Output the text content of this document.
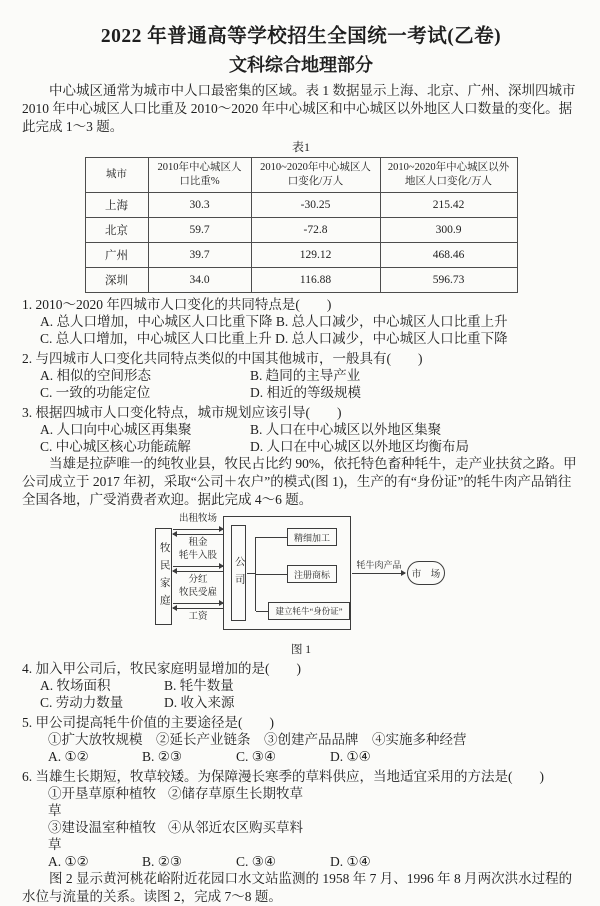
2022 年普通高等学校招生全国统一考试(乙卷)
文科综合地理部分

中心城区通常为城市中人口最密集的区域。表 1 数据显示上海、北京、广州、深圳四城市 2010 年中心城区人口比重及 2010～2020 年中心城区和中心城区以外地区人口数量的变化。据此完成 1～3 题。

表1
城市	2010年中心城区人口比重%	2010~2020年中心城区人口变化/万人	2010~2020年中心城区以外地区人口变化/万人
上海	30.3	-30.25	215.42
北京	59.7	-72.8	300.9
广州	39.7	129.12	468.46
深圳	34.0	116.88	596.73
1. 2010～2020 年四城市人口变化的共同特点是(　　)
A. 总人口增加，中心城区人口比重下降 B. 总人口减少，中心城区人口比重上升
C. 总人口增加，中心城区人口比重上升 D. 总人口减少，中心城区人口比重下降
2. 与四城市人口变化共同特点类似的中国其他城市，一般具有(　　)
A. 相似的空间形态	B. 趋同的主导产业
C. 一致的功能定位	D. 相近的等级规模
3. 根据四城市人口变化特点，城市规划应该引导(　　)
A. 人口向中心城区再集聚	B. 人口在中心城区以外地区集聚
C. 中心城区核心功能疏解	D. 人口在中心城区以外地区均衡布局

当雄是拉萨唯一的纯牧业县，牧民占比约 90%，依托特色畜种牦牛，走产业扶贫之路。甲公司成立于 2017 年初，采取“公司＋农户”的模式(图 1)，生产的有“身份证”的牦牛肉产品销往全国各地，广受消费者欢迎。据此完成 4～6 题。

牧民家庭
出租牧场
租金
牦牛入股
分红
牧民受雇
工资
公司
精细加工
注册商标
建立牦牛“身份证”
牦牛肉产品
市　场
图 1
4. 加入甲公司后，牧民家庭明显增加的是(　　)
A. 牧场面积	B. 牦牛数量
C. 劳动力数量	D. 收入来源
5. 甲公司提高牦牛价值的主要途径是(　　)
①扩大放牧规模　②延长产业链条　③创建产品品牌　④实施多种经营
A. ①②	B. ②③	C. ③④	D. ①④
6. 当雄生长期短，牧草较矮。为保障漫长寒季的草料供应，当地适宜采用的方法是(　　)
①开垦草原种植牧草②储存草原生长期牧草
③建设温室种植牧草④从邻近农区购买草料
A. ①②	B. ②③	C. ③④	D. ①④

图 2 显示黄河桃花峪附近花园口水文站监测的 1958 年 7 月、1996 年 8 月两次洪水过程的水位与流量的关系。读图 2，完成 7～8 题。
